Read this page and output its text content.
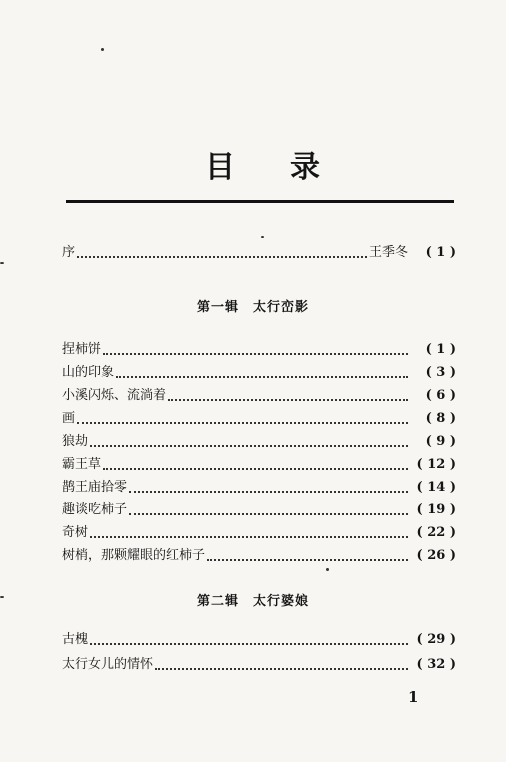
目 录
序	王季冬	( 1 )
第一辑　太行峦影
捏柿饼	( 1 )
山的印象	( 3 )
小溪闪烁、流淌着	( 6 )
画	( 8 )
狼劫	( 9 )
霸王草	( 12 )
鹊王庙拾零	( 14 )
趣谈吃柿子	( 19 )
奇树	( 22 )
树梢，那颗耀眼的红柿子	( 26 )
第二辑　太行婆娘
古槐	( 29 )
太行女儿的情怀	( 32 )
1
